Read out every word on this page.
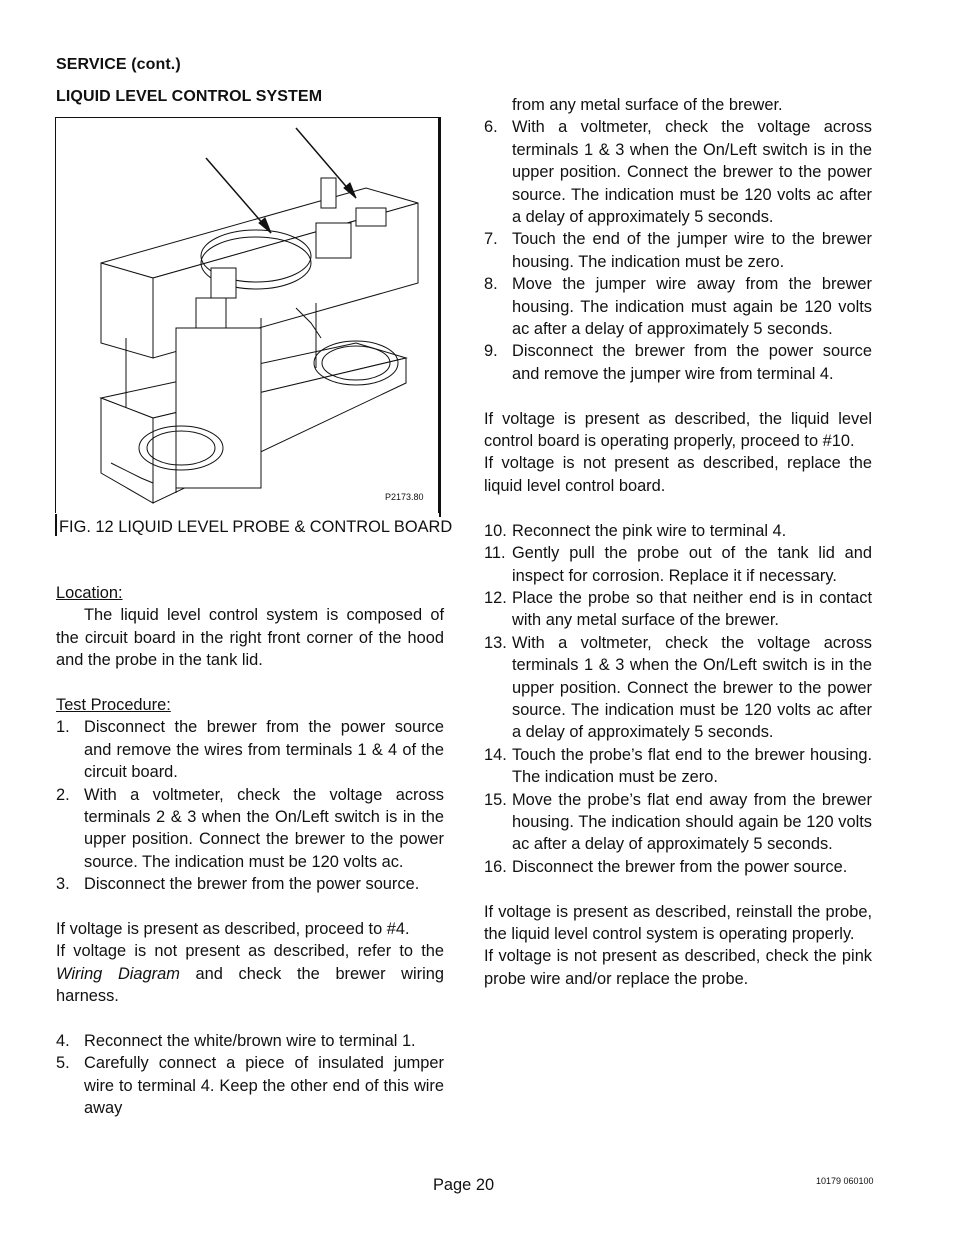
SERVICE (cont.)
LIQUID LEVEL CONTROL SYSTEM
P2173.80
FIG. 12 LIQUID LEVEL PROBE & CONTROL BOARD

Location:

The liquid level control system is composed of the circuit board in the right front corner of the hood and the probe in the tank lid.

Test Procedure:

1. Disconnect the brewer from the power source and remove the wires from terminals 1 & 4 of the circuit board.
2. With a voltmeter, check the voltage across terminals 2 & 3 when the On/Left switch is in the upper position. Connect the brewer to the power source. The indication must be 120 volts ac.
3. Disconnect the brewer from the power source.

If voltage is present as described, proceed to #4.

If voltage is not present as described, refer to the Wiring Diagram and check the brewer wiring harness.

4. Reconnect the white/brown wire to terminal 1.
5. Carefully connect a piece of insulated jumper wire to terminal 4. Keep the other end of this wire away

from any metal surface of the brewer.

6. With a voltmeter, check the voltage across terminals 1 & 3 when the On/Left switch is in the upper position. Connect the brewer to the power source. The indication must be 120 volts ac after a delay of approximately 5 seconds.
7. Touch the end of the jumper wire to the brewer housing. The indication must be zero.
8. Move the jumper wire away from the brewer housing. The indication must again be 120 volts ac after a delay of approximately 5 seconds.
9. Disconnect the brewer from the power source and remove the jumper wire from terminal 4.

If voltage is present as described, the liquid level control board is operating properly, proceed to #10.

If voltage is not present as described, replace the liquid level control board.

10. Reconnect the pink wire to terminal 4.
11. Gently pull the probe out of the tank lid and inspect for corrosion. Replace it if necessary.
12. Place the probe so that neither end is in contact with any metal surface of the brewer.
13. With a voltmeter, check the voltage across terminals 1 & 3 when the On/Left switch is in the upper position. Connect the brewer to the power source. The indication must be 120 volts ac after a delay of approximately 5 seconds.
14. Touch the probe’s flat end to the brewer housing. The indication must be zero.
15. Move the probe’s flat end away from the brewer housing. The indication should again be 120 volts ac after a delay of approximately 5 seconds.
16. Disconnect the brewer from the power source.

If voltage is present as described, reinstall the probe, the liquid level control system is operating properly.

If voltage is not present as described, check the pink probe wire and/or replace the probe.

Page 20	10179 060100
